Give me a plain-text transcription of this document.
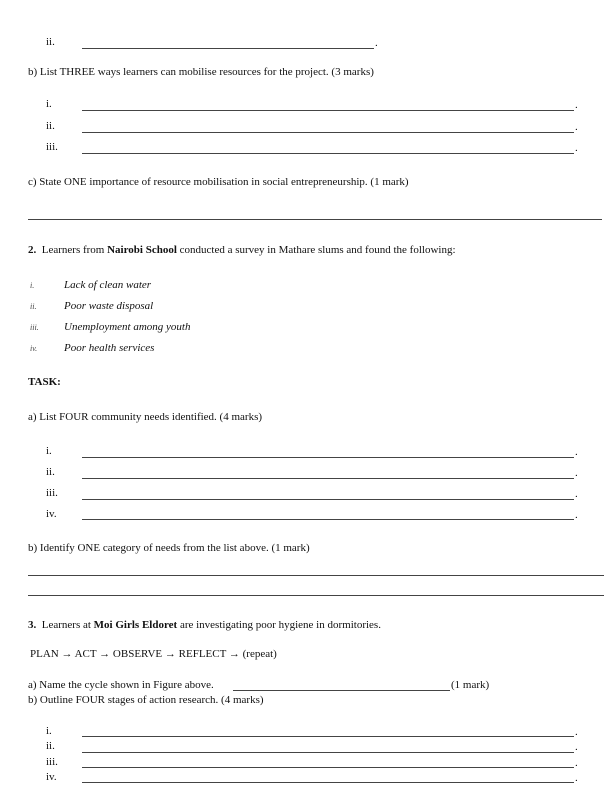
ii.	.
b) List THREE ways learners can mobilise resources for the project. (3 marks)
i.	.
ii.	.
iii.	.
c) State ONE importance of resource mobilisation in social entrepreneurship. (1 mark)
2. Learners from Nairobi School conducted a survey in Mathare slums and found the following:
i.	Lack of clean water
ii.	Poor waste disposal
iii. Unemployment among youth
iv. Poor health services
TASK:
a) List FOUR community needs identified. (4 marks)
i.	.
ii.	.
iii.	.
iv.	.
b) Identify ONE category of needs from the list above. (1 mark)
3. Learners at Moi Girls Eldoret are investigating poor hygiene in dormitories.
PLAN → ACT → OBSERVE → REFLECT → (repeat)
a) Name the cycle shown in Figure above.	(1 mark)
b) Outline FOUR stages of action research. (4 marks)
i.	.
ii.	.
iii.	.
iv.	.
